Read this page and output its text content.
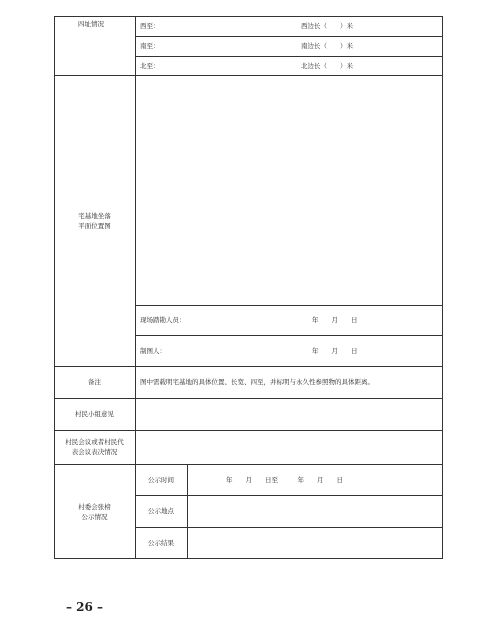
四址情况	西至：	西边长（　　）米
南至：	南边长（　　）米
北至：	北边长（　　）米
宅基地坐落
平面位置图
现场踏勘人员：	年　　月　　日
制图人：	年　　月　　日
备注	图中需载明宅基地的具体位置、长宽、四至，并标明与永久性参照物的具体距离。
村民小组意见
村民会议或者村民代
表会议表决情况
村委会张榜
公示情况
公示时间	年　　月　　日至　　　年　　月　　日
公示地点
公示结果
– 26 –
